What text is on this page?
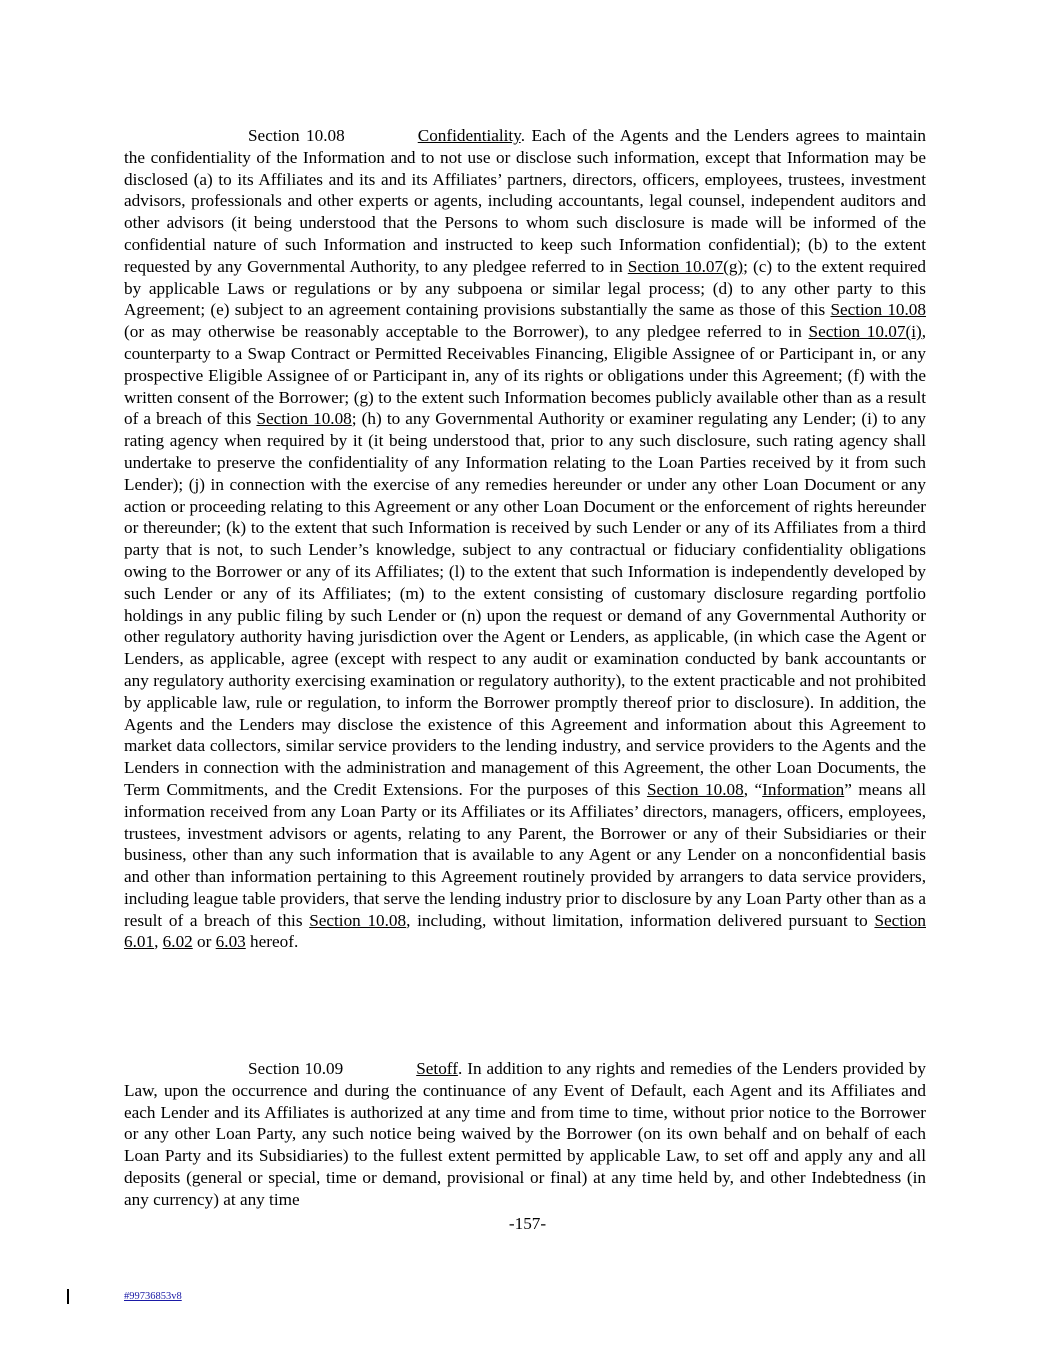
Section 10.08	Confidentiality. Each of the Agents and the Lenders agrees to maintain the confidentiality of the Information and to not use or disclose such information, except that Information may be disclosed (a) to its Affiliates and its and its Affiliates’ partners, directors, officers, employees, trustees, investment advisors, professionals and other experts or agents, including accountants, legal counsel, independent auditors and other advisors (it being understood that the Persons to whom such disclosure is made will be informed of the confidential nature of such Information and instructed to keep such Information confidential); (b) to the extent requested by any Governmental Authority, to any pledgee referred to in Section 10.07(g); (c) to the extent required by applicable Laws or regulations or by any subpoena or similar legal process; (d) to any other party to this Agreement; (e) subject to an agreement containing provisions substantially the same as those of this Section 10.08 (or as may otherwise be reasonably acceptable to the Borrower), to any pledgee referred to in Section 10.07(i), counterparty to a Swap Contract or Permitted Receivables Financing, Eligible Assignee of or Participant in, or any prospective Eligible Assignee of or Participant in, any of its rights or obligations under this Agreement; (f) with the written consent of the Borrower; (g) to the extent such Information becomes publicly available other than as a result of a breach of this Section 10.08; (h) to any Governmental Authority or examiner regulating any Lender; (i) to any rating agency when required by it (it being understood that, prior to any such disclosure, such rating agency shall undertake to preserve the confidentiality of any Information relating to the Loan Parties received by it from such Lender); (j) in connection with the exercise of any remedies hereunder or under any other Loan Document or any action or proceeding relating to this Agreement or any other Loan Document or the enforcement of rights hereunder or thereunder; (k) to the extent that such Information is received by such Lender or any of its Affiliates from a third party that is not, to such Lender’s knowledge, subject to any contractual or fiduciary confidentiality obligations owing to the Borrower or any of its Affiliates; (l) to the extent that such Information is independently developed by such Lender or any of its Affiliates; (m) to the extent consisting of customary disclosure regarding portfolio holdings in any public filing by such Lender or (n) upon the request or demand of any Governmental Authority or other regulatory authority having jurisdiction over the Agent or Lenders, as applicable, (in which case the Agent or Lenders, as applicable, agree (except with respect to any audit or examination conducted by bank accountants or any regulatory authority exercising examination or regulatory authority), to the extent practicable and not prohibited by applicable law, rule or regulation, to inform the Borrower promptly thereof prior to disclosure). In addition, the Agents and the Lenders may disclose the existence of this Agreement and information about this Agreement to market data collectors, similar service providers to the lending industry, and service providers to the Agents and the Lenders in connection with the administration and management of this Agreement, the other Loan Documents, the Term Commitments, and the Credit Extensions. For the purposes of this Section 10.08, “Information” means all information received from any Loan Party or its Affiliates or its Affiliates’ directors, managers, officers, employees, trustees, investment advisors or agents, relating to any Parent, the Borrower or any of their Subsidiaries or their business, other than any such information that is available to any Agent or any Lender on a nonconfidential basis and other than information pertaining to this Agreement routinely provided by arrangers to data service providers, including league table providers, that serve the lending industry prior to disclosure by any Loan Party other than as a result of a breach of this Section 10.08, including, without limitation, information delivered pursuant to Section 6.01, 6.02 or 6.03 hereof.

Section 10.09	Setoff. In addition to any rights and remedies of the Lenders provided by Law, upon the occurrence and during the continuance of any Event of Default, each Agent and its Affiliates and each Lender and its Affiliates is authorized at any time and from time to time, without prior notice to the Borrower or any other Loan Party, any such notice being waived by the Borrower (on its own behalf and on behalf of each Loan Party and its Subsidiaries) to the fullest extent permitted by applicable Law, to set off and apply any and all deposits (general or special, time or demand, provisional or final) at any time held by, and other Indebtedness (in any currency) at any time

-157-
#99736853v8
